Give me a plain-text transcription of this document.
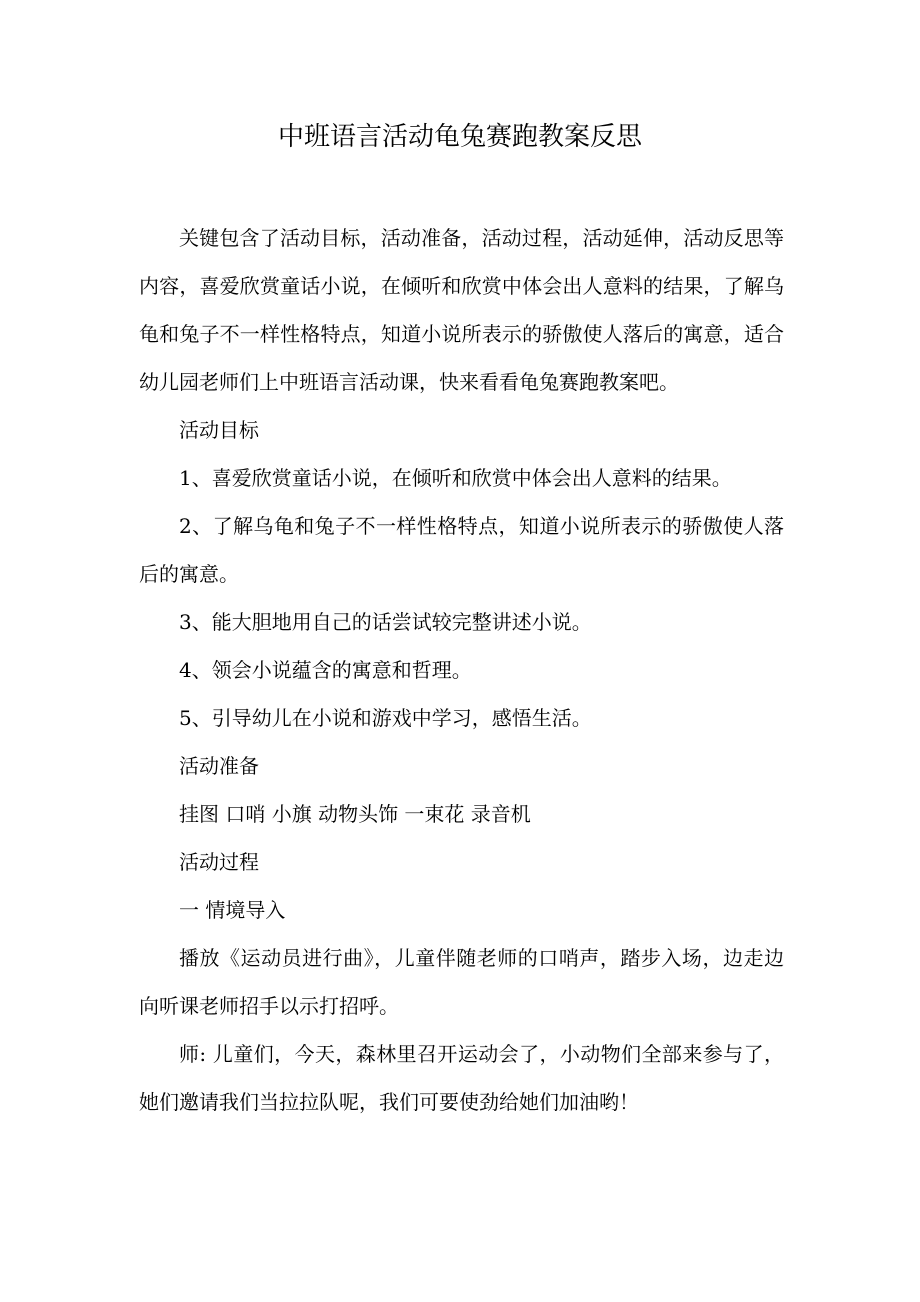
中班语言活动龟兔赛跑教案反思

关键包含了活动目标，活动准备，活动过程，活动延伸，活动反思等内容，喜爱欣赏童话小说，在倾听和欣赏中体会出人意料的结果，了解乌龟和兔子不一样性格特点，知道小说所表示的骄傲使人落后的寓意，适合幼儿园老师们上中班语言活动课，快来看看龟兔赛跑教案吧。

活动目标

1、喜爱欣赏童话小说，在倾听和欣赏中体会出人意料的结果。

2、了解乌龟和兔子不一样性格特点，知道小说所表示的骄傲使人落后的寓意。

3、能大胆地用自己的话尝试较完整讲述小说。

4、领会小说蕴含的寓意和哲理。

5、引导幼儿在小说和游戏中学习，感悟生活。

活动准备

挂图 口哨 小旗 动物头饰 一束花 录音机

活动过程

一 情境导入

播放《运动员进行曲》，儿童伴随老师的口哨声，踏步入场，边走边向听课老师招手以示打招呼。

师: 儿童们，今天，森林里召开运动会了，小动物们全部来参与了，她们邀请我们当拉拉队呢，我们可要使劲给她们加油哟！
